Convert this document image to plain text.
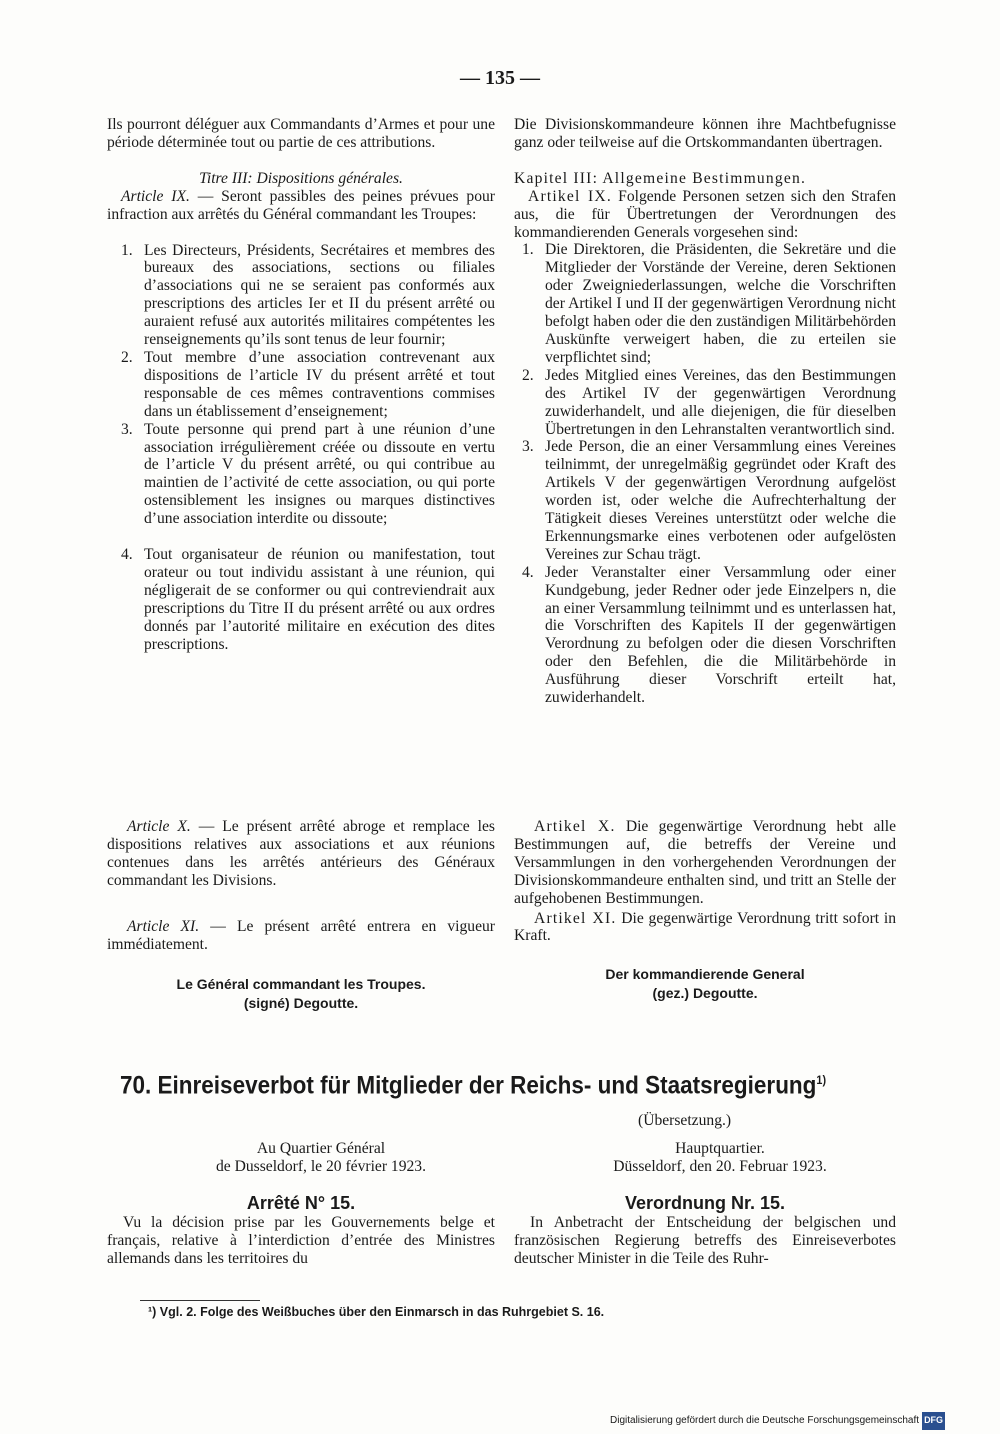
— 135 —

Ils pourront déléguer aux Commandants d’Armes et pour une période déterminée tout ou partie de ces attributions.

Titre III: Dispositions générales.

Article IX. — Seront passibles des peines prévues pour infraction aux arrêtés du Général commandant les Troupes:

1. Les Directeurs, Présidents, Secrétaires et membres des bureaux des associations, sections ou filiales d’associations qui ne se seraient pas conformés aux prescriptions des articles Ier et II du présent arrêté ou auraient refusé aux autorités militaires compétentes les renseignements qu’ils sont tenus de leur fournir;
2. Tout membre d’une association contrevenant aux dispositions de l’article IV du présent arrêté et tout responsable de ces mêmes contraventions commises dans un établissement d’enseignement;
3. Toute personne qui prend part à une réunion d’une association irrégulièrement créée ou dissoute en vertu de l’article V du présent arrêté, ou qui contribue au maintien de l’activité de cette association, ou qui porte ostensiblement les insignes ou marques distinctives d’une association interdite ou dissoute;
4. Tout organisateur de réunion ou manifestation, tout orateur ou tout individu assistant à une réunion, qui négligerait de se conformer ou qui contreviendrait aux prescriptions du Titre II du présent arrêté ou aux ordres donnés par l’autorité militaire en exécution des dites prescriptions.

Article X. — Le présent arrêté abroge et remplace les dispositions relatives aux associations et aux réunions contenues dans les arrêtés antérieurs des Généraux commandant les Divisions.

Article XI. — Le présent arrêté entrera en vigueur immédiatement.

Le Général commandant les Troupes.

(signé) Degoutte.

Die Divisionskommandeure können ihre Machtbefugnisse ganz oder teilweise auf die Ortskommandanten übertragen.

Kapitel III: Allgemeine Bestimmungen.

Artikel IX. Folgende Personen setzen sich den Strafen aus, die für Übertretungen der Verordnungen des kommandierenden Generals vorgesehen sind:

1. Die Direktoren, die Präsidenten, die Sekretäre und die Mitglieder der Vorstände der Vereine, deren Sektionen oder Zweigniederlassungen, welche die Vorschriften der Artikel I und II der gegenwärtigen Verordnung nicht befolgt haben oder die den zuständigen Militärbehörden Auskünfte verweigert haben, die zu erteilen sie verpflichtet sind;
2. Jedes Mitglied eines Vereines, das den Bestimmungen des Artikel IV der gegenwärtigen Verordnung zuwiderhandelt, und alle diejenigen, die für dieselben Übertretungen in den Lehranstalten verantwortlich sind.
3. Jede Person, die an einer Versammlung eines Vereines teilnimmt, der unregelmäßig gegründet oder Kraft des Artikels V der gegenwärtigen Verordnung aufgelöst worden ist, oder welche die Aufrechterhaltung der Tätigkeit dieses Vereines unterstützt oder welche die Erkennungsmarke eines verbotenen oder aufgelösten Vereines zur Schau trägt.
4. Jeder Veranstalter einer Versammlung oder einer Kundgebung, jeder Redner oder jede Einzelpers n, die an einer Versammlung teilnimmt und es unterlassen hat, die Vorschriften des Kapitels II der gegenwärtigen Verordnung zu befolgen oder die diesen Vorschriften oder den Befehlen, die die Militärbehörde in Ausführung dieser Vorschrift erteilt hat, zuwiderhandelt.

Artikel X. Die gegenwärtige Verordnung hebt alle Bestimmungen auf, die betreffs der Vereine und Versammlungen in den vorhergehenden Verordnungen der Divisionskommandeure enthalten sind, und tritt an Stelle der aufgehobenen Bestimmungen.

Artikel XI. Die gegenwärtige Verordnung tritt sofort in Kraft.

Der kommandierende General

(gez.) Degoutte.

70. Einreiseverbot für Mitglieder der Reichs- und Staatsregierung$^{1)}$

Au Quartier Général

de Dusseldorf, le 20 février 1923.

Arrêté N° 15.

Vu la décision prise par les Gouvernements belge et français, relative à l’interdiction d’entrée des Ministres allemands dans les territoires du

(Übersetzung.)

Hauptquartier.

Düsseldorf, den 20. Februar 1923.

Verordnung Nr. 15.

In Anbetracht der Entscheidung der belgischen und französischen Regierung betreffs des Einreiseverbotes deutscher Minister in die Teile des Ruhr-

¹) Vgl. 2. Folge des Weißbuches über den Einmarsch in das Ruhrgebiet S. 16.
Digitalisierung gefördert durch die Deutsche Forschungsgemeinschaft DFG
